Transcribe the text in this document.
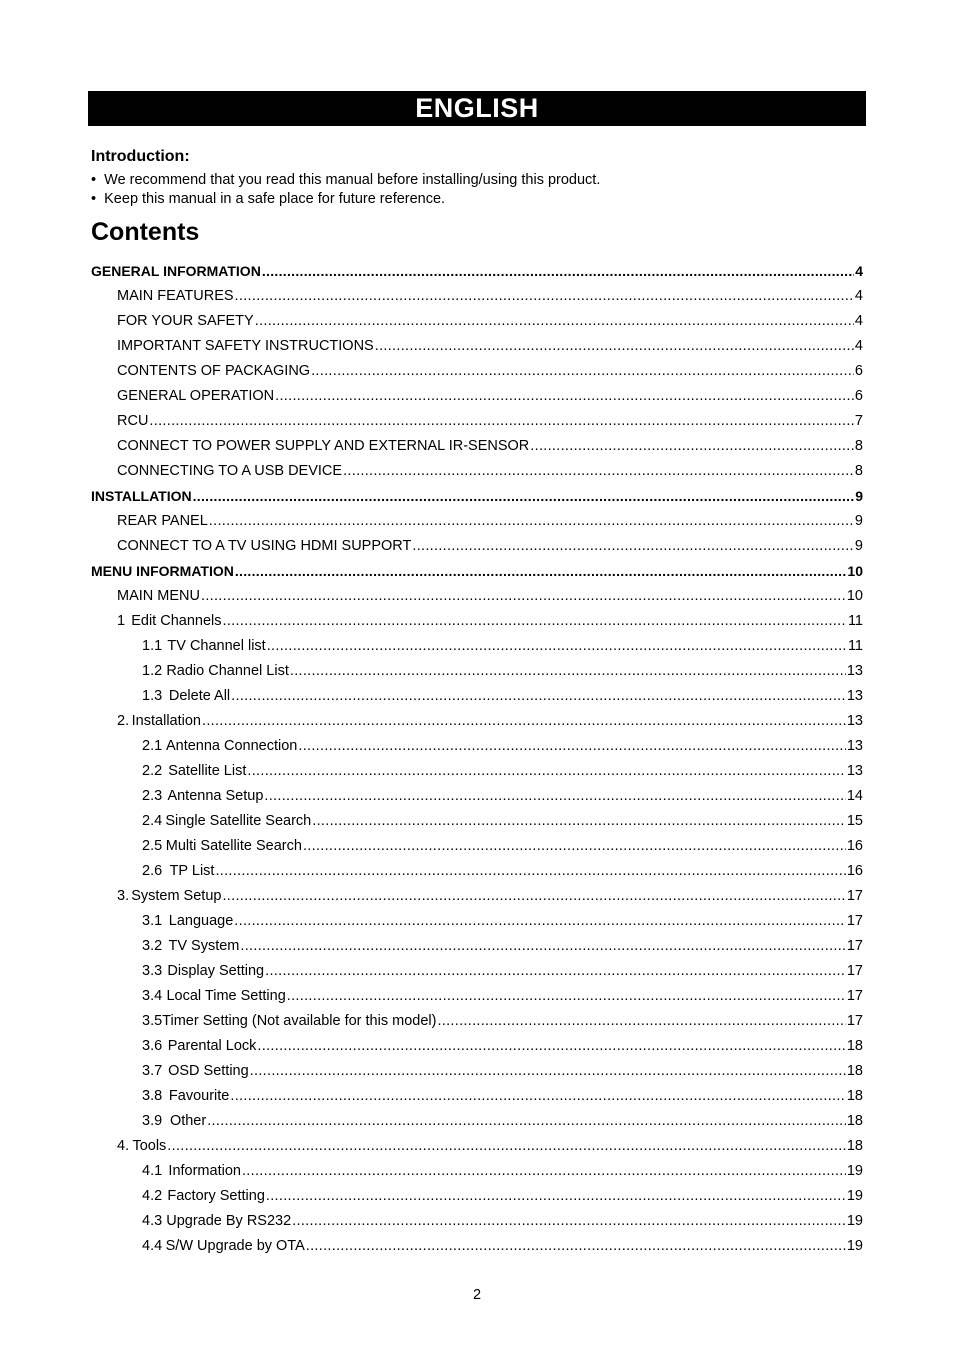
ENGLISH
Introduction:
•  We recommend that you read this manual before installing/using this product.
•  Keep this manual in a safe place for future reference.
Contents
GENERAL INFORMATION .....	4
MAIN FEATURES .....	4
FOR YOUR SAFETY .....	4
IMPORTANT SAFETY INSTRUCTIONS .....	4
CONTENTS OF PACKAGING .....	6
GENERAL OPERATION .....	6
RCU .....	7
CONNECT TO POWER SUPPLY AND EXTERNAL IR-SENSOR .....	8
CONNECTING TO A USB DEVICE .....	8
INSTALLATION .....	9
REAR PANEL .....	9
CONNECT TO A TV USING HDMI SUPPORT .....	9
MENU INFORMATION .....	10
MAIN MENU .....	10
1 Edit Channels .....	11
1.1 TV Channel list .....	11
1.2 Radio Channel List .....	13
1.3 Delete All .....	13
2. Installation .....	13
2.1 Antenna Connection .....	13
2.2 Satellite List .....	13
2.3 Antenna Setup .....	14
2.4 Single Satellite Search .....	15
2.5 Multi Satellite Search .....	16
2.6 TP List .....	16
3. System Setup .....	17
3.1 Language .....	17
3.2 TV System .....	17
3.3 Display Setting .....	17
3.4 Local Time Setting .....	17
3.5 Timer Setting (Not available for this model) .....	17
3.6 Parental Lock .....	18
3.7 OSD Setting .....	18
3.8 Favourite .....	18
3.9 Other .....	18
4. Tools .....	18
4.1 Information .....	19
4.2 Factory Setting .....	19
4.3 Upgrade By RS232 .....	19
4.4 S/W Upgrade by OTA .....	19
2
